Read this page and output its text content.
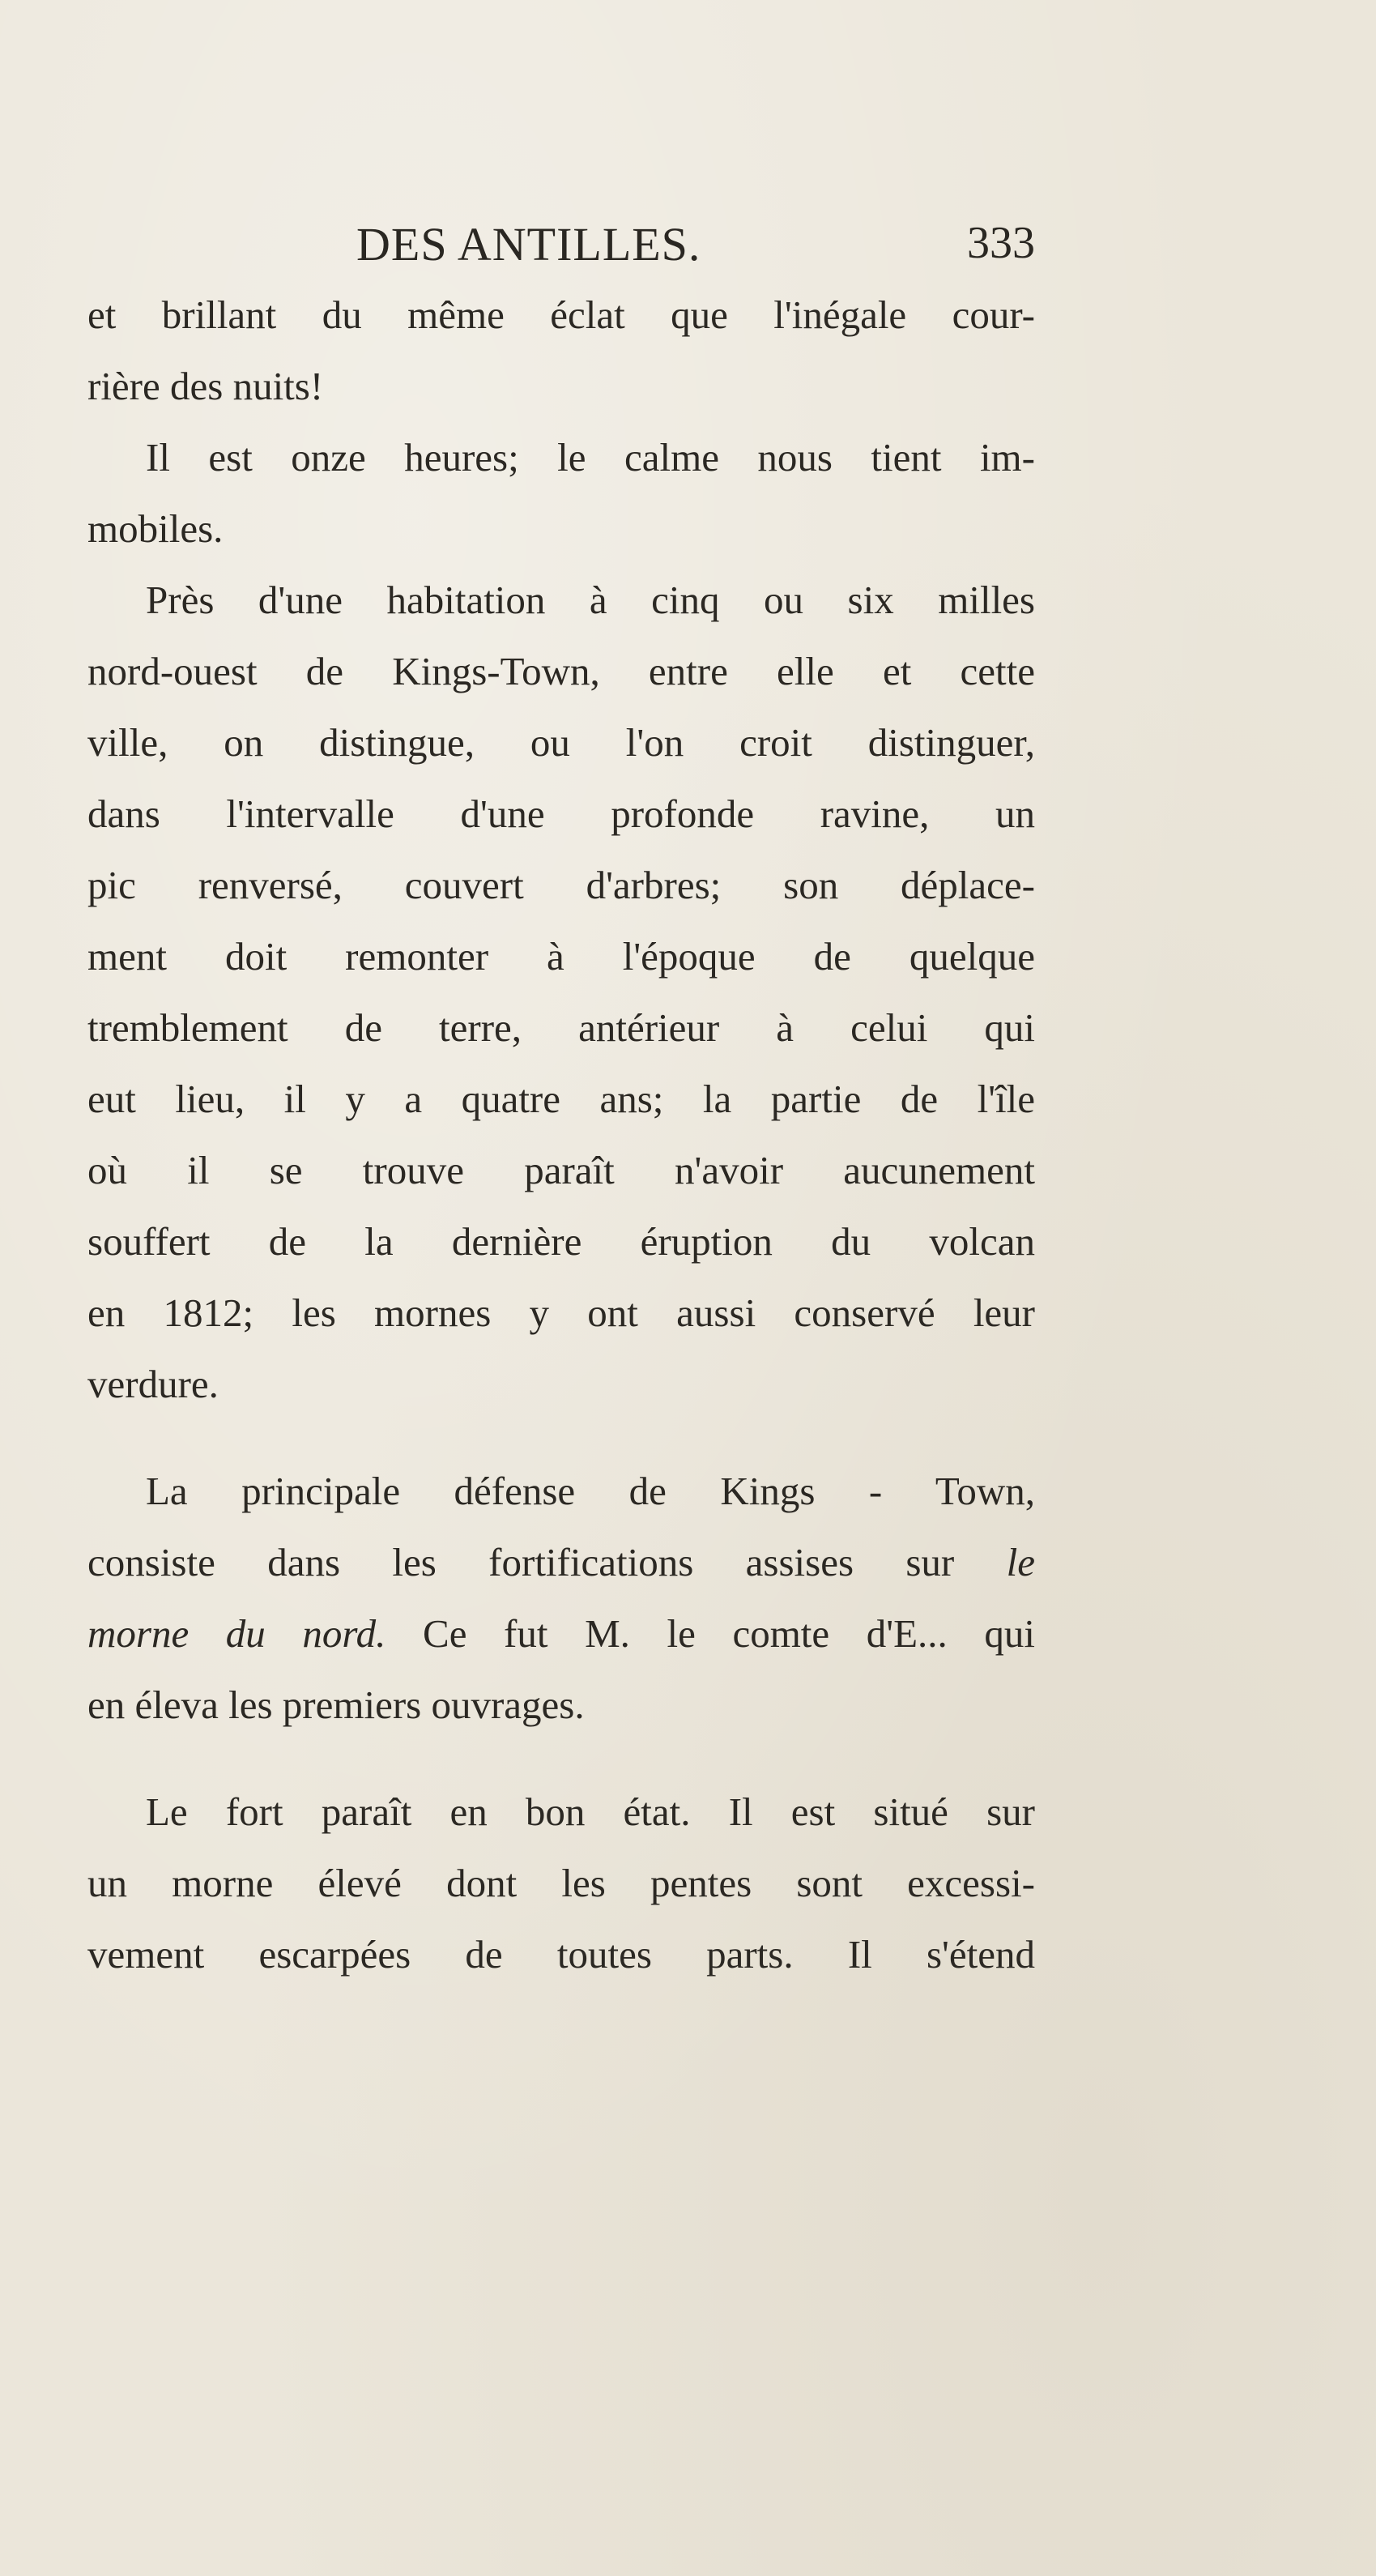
DES ANTILLES.	333
et brillant du même éclat que l'inégale cour-
rière des nuits!
Il est onze heures; le calme nous tient im-
mobiles.
Près d'une habitation à cinq ou six milles
nord-ouest de Kings-Town, entre elle et cette
ville, on distingue, ou l'on croit distinguer,
dans l'intervalle d'une profonde ravine, un
pic renversé, couvert d'arbres; son déplace-
ment doit remonter à l'époque de quelque
tremblement de terre, antérieur à celui qui
eut lieu, il y a quatre ans; la partie de l'île
où il se trouve paraît n'avoir aucunement
souffert de la dernière éruption du volcan
en 1812; les mornes y ont aussi conservé leur
verdure.
La principale défense de Kings - Town,
consiste dans les fortifications assises sur le
morne du nord. Ce fut M. le comte d'E... qui
en éleva les premiers ouvrages.
Le fort paraît en bon état. Il est situé sur
un morne élevé dont les pentes sont excessi-
vement escarpées de toutes parts. Il s'étend
